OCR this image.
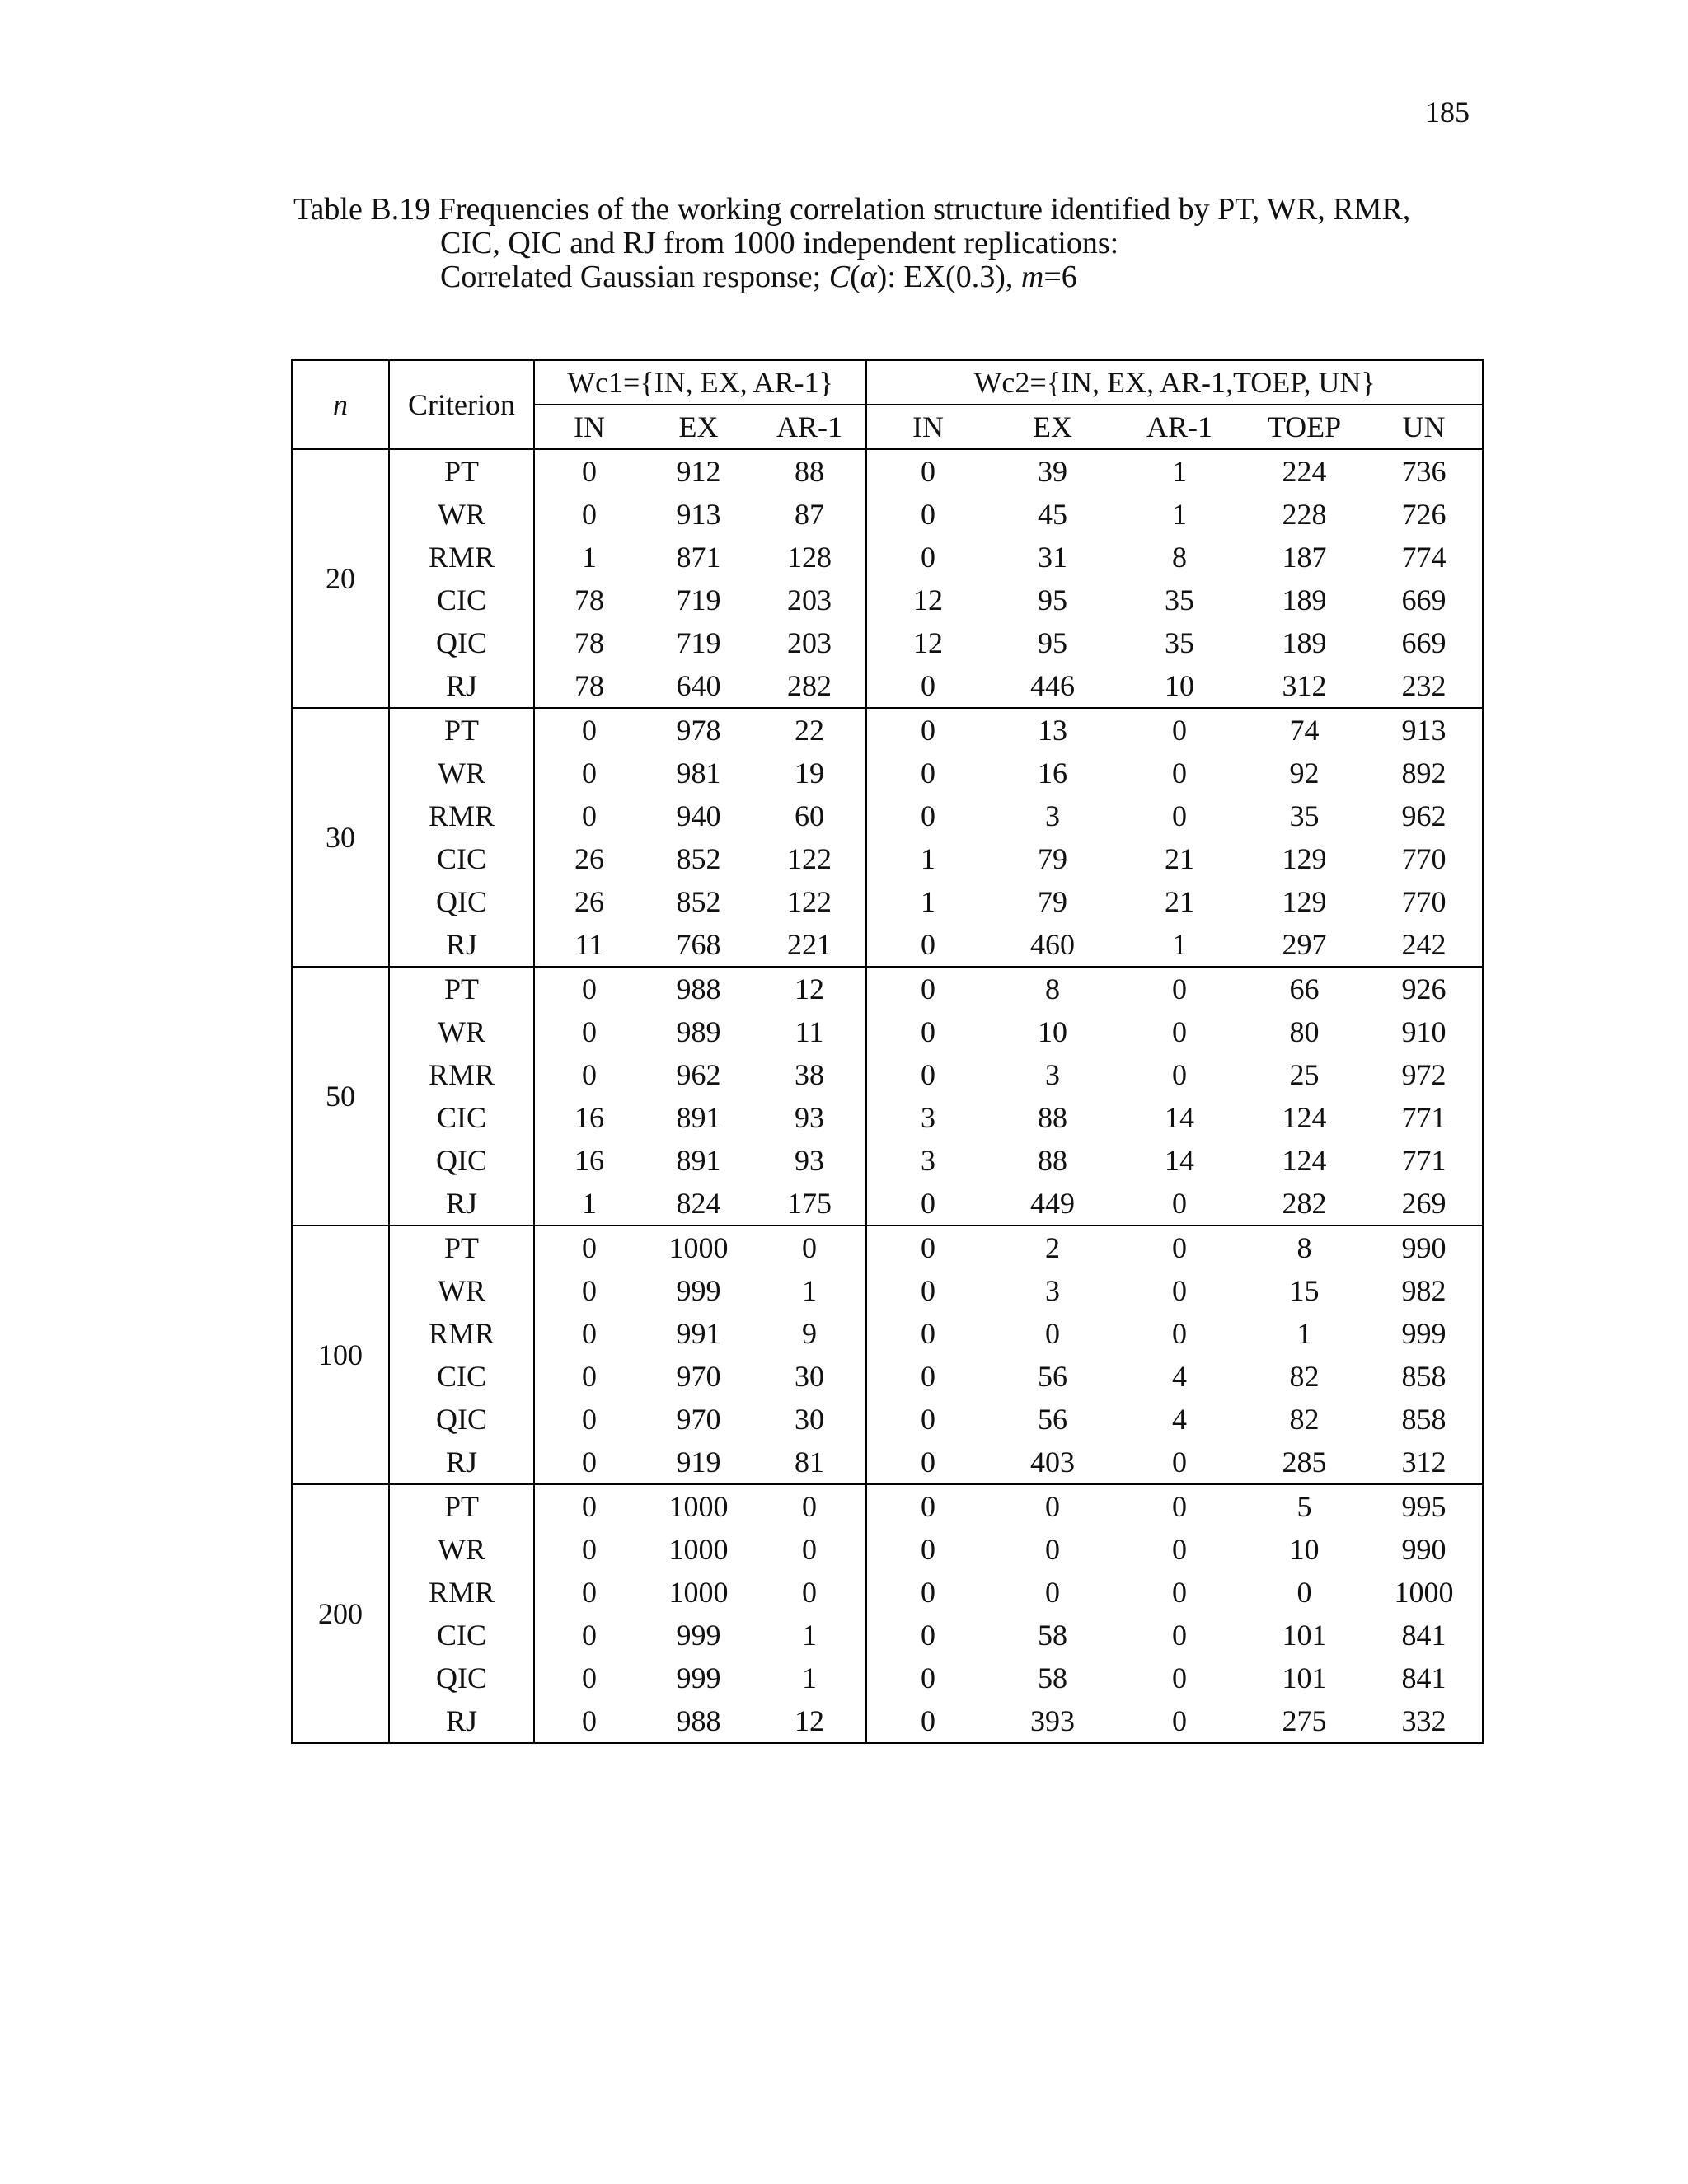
185
Table B.19 Frequencies of the working correlation structure identified by PT, WR, RMR,
CIC, QIC and RJ from 1000 independent replications:
Correlated Gaussian response; C(α): EX(0.3), m=6
n	Criterion	Wc1={IN, EX, AR-1}			Wc2={IN, EX, AR-1,TOEP, UN}				
		IN	EX	AR-1	IN	EX	AR-1	TOEP	UN
20	PT	0	912	88	0	39	1	224	736
	WR	0	913	87	0	45	1	228	726
	RMR	1	871	128	0	31	8	187	774
	CIC	78	719	203	12	95	35	189	669
	QIC	78	719	203	12	95	35	189	669
	RJ	78	640	282	0	446	10	312	232
30	PT	0	978	22	0	13	0	74	913
	WR	0	981	19	0	16	0	92	892
	RMR	0	940	60	0	3	0	35	962
	CIC	26	852	122	1	79	21	129	770
	QIC	26	852	122	1	79	21	129	770
	RJ	11	768	221	0	460	1	297	242
50	PT	0	988	12	0	8	0	66	926
	WR	0	989	11	0	10	0	80	910
	RMR	0	962	38	0	3	0	25	972
	CIC	16	891	93	3	88	14	124	771
	QIC	16	891	93	3	88	14	124	771
	RJ	1	824	175	0	449	0	282	269
100	PT	0	1000	0	0	2	0	8	990
	WR	0	999	1	0	3	0	15	982
	RMR	0	991	9	0	0	0	1	999
	CIC	0	970	30	0	56	4	82	858
	QIC	0	970	30	0	56	4	82	858
	RJ	0	919	81	0	403	0	285	312
200	PT	0	1000	0	0	0	0	5	995
	WR	0	1000	0	0	0	0	10	990
	RMR	0	1000	0	0	0	0	0	1000
	CIC	0	999	1	0	58	0	101	841
	QIC	0	999	1	0	58	0	101	841
	RJ	0	988	12	0	393	0	275	332
